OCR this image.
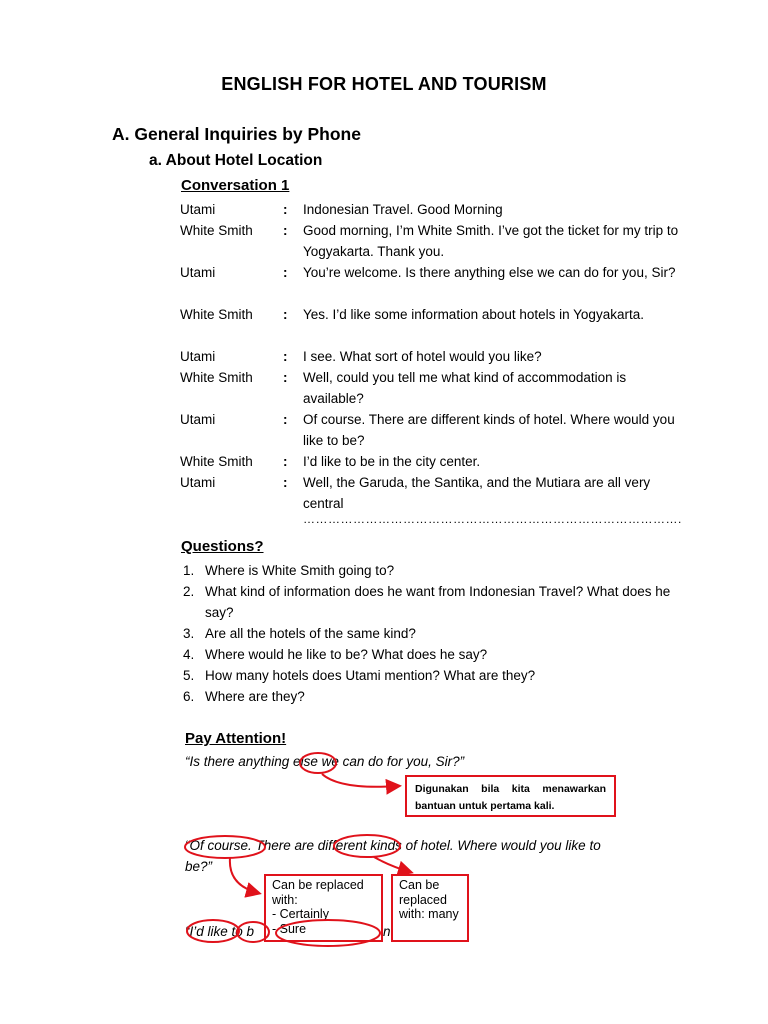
ENGLISH FOR HOTEL AND TOURISM
A. General Inquiries by Phone
a. About Hotel Location
Conversation 1
Utami	: Indonesian Travel. Good Morning
White Smith	: Good morning, I’m White Smith. I’ve got the ticket for my trip to Yogyakarta. Thank you.
Utami	: You’re welcome. Is there anything else we can do for you, Sir?
White Smith	: Yes. I’d like some information about hotels in Yogyakarta.
Utami	: I see. What sort of hotel would you like?
White Smith	: Well, could you tell me what kind of accommodation is available?
Utami	: Of course. There are different kinds of hotel. Where would you like to be?
White Smith	: I’d like to be in the city center.
Utami	: Well, the Garuda, the Santika, and the Mutiara are all very central
……………………………………………………………………………….
Questions?
1. Where is White Smith going to?
2. What kind of information does he want from Indonesian Travel? What does he say?
3. Are all the hotels of the same kind?
4. Where would he like to be? What does he say?
5. How many hotels does Utami mention? What are they?
6. Where are they?
Pay Attention!
“Is there anything else we can do for you, Sir?”
“Of course. There are different kinds of hotel. Where would you like to
be?”
“I’d like to b	n
Digunakan bila kita menawarkan bantuan untuk pertama kali.
Can be replaced with:
- Certainly
- Sure
Can be replaced with: many
